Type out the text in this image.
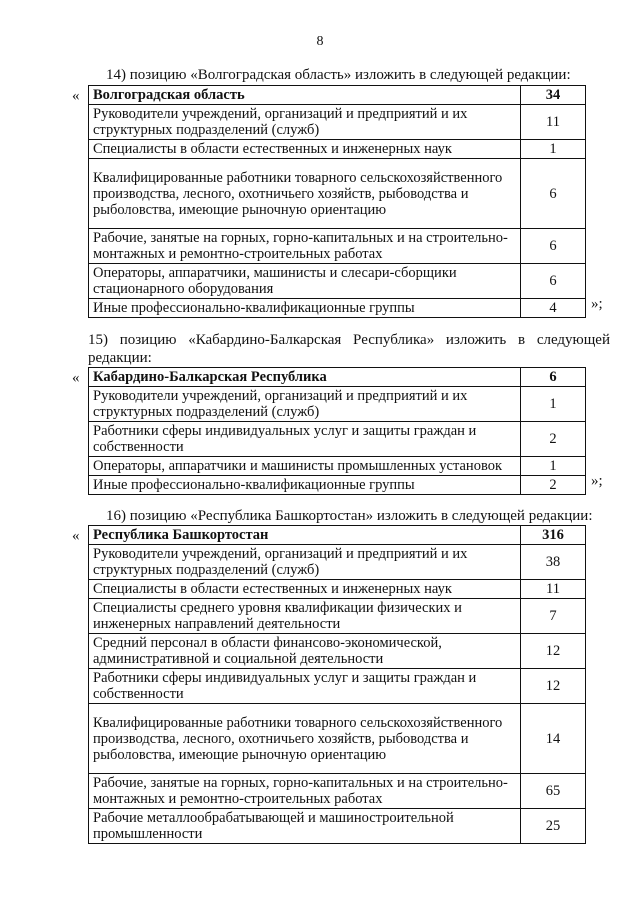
8
14) позицию «Волгоградская область» изложить в следующей редакции:
« Волгоградская область	34
Руководители учреждений, организаций и предприятий и их структурных подразделений (служб)	11
Специалисты в области естественных и инженерных наук	1
Квалифицированные работники товарного сельскохозяйственного производства, лесного, охотничьего хозяйств, рыбоводства и рыболовства, имеющие рыночную ориентацию	6
Рабочие, занятые на горных, горно-капитальных и на строительно-монтажных и ремонтно-строительных работах	6
Операторы, аппаратчики, машинисты и слесари-сборщики стационарного оборудования	6
Иные профессионально-квалификационные группы	4 »;
15) позицию «Кабардино-Балкарская Республика» изложить в следующей
редакции:
« Кабардино-Балкарская Республика	6
Руководители учреждений, организаций и предприятий и их структурных подразделений (служб)	1
Работники сферы индивидуальных услуг и защиты граждан и собственности	2
Операторы, аппаратчики и машинисты промышленных установок	1
Иные профессионально-квалификационные группы	2 »;
16) позицию «Республика Башкортостан» изложить в следующей редакции:
« Республика Башкортостан	316
Руководители учреждений, организаций и предприятий и их структурных подразделений (служб)	38
Специалисты в области естественных и инженерных наук	11
Специалисты среднего уровня квалификации физических и инженерных направлений деятельности	7
Средний персонал в области финансово-экономической, административной и социальной деятельности	12
Работники сферы индивидуальных услуг и защиты граждан и собственности	12
Квалифицированные работники товарного сельскохозяйственного производства, лесного, охотничьего хозяйств, рыбоводства и рыболовства, имеющие рыночную ориентацию	14
Рабочие, занятые на горных, горно-капитальных и на строительно-монтажных и ремонтно-строительных работах	65
Рабочие металлообрабатывающей и машиностроительной промышленности	25
